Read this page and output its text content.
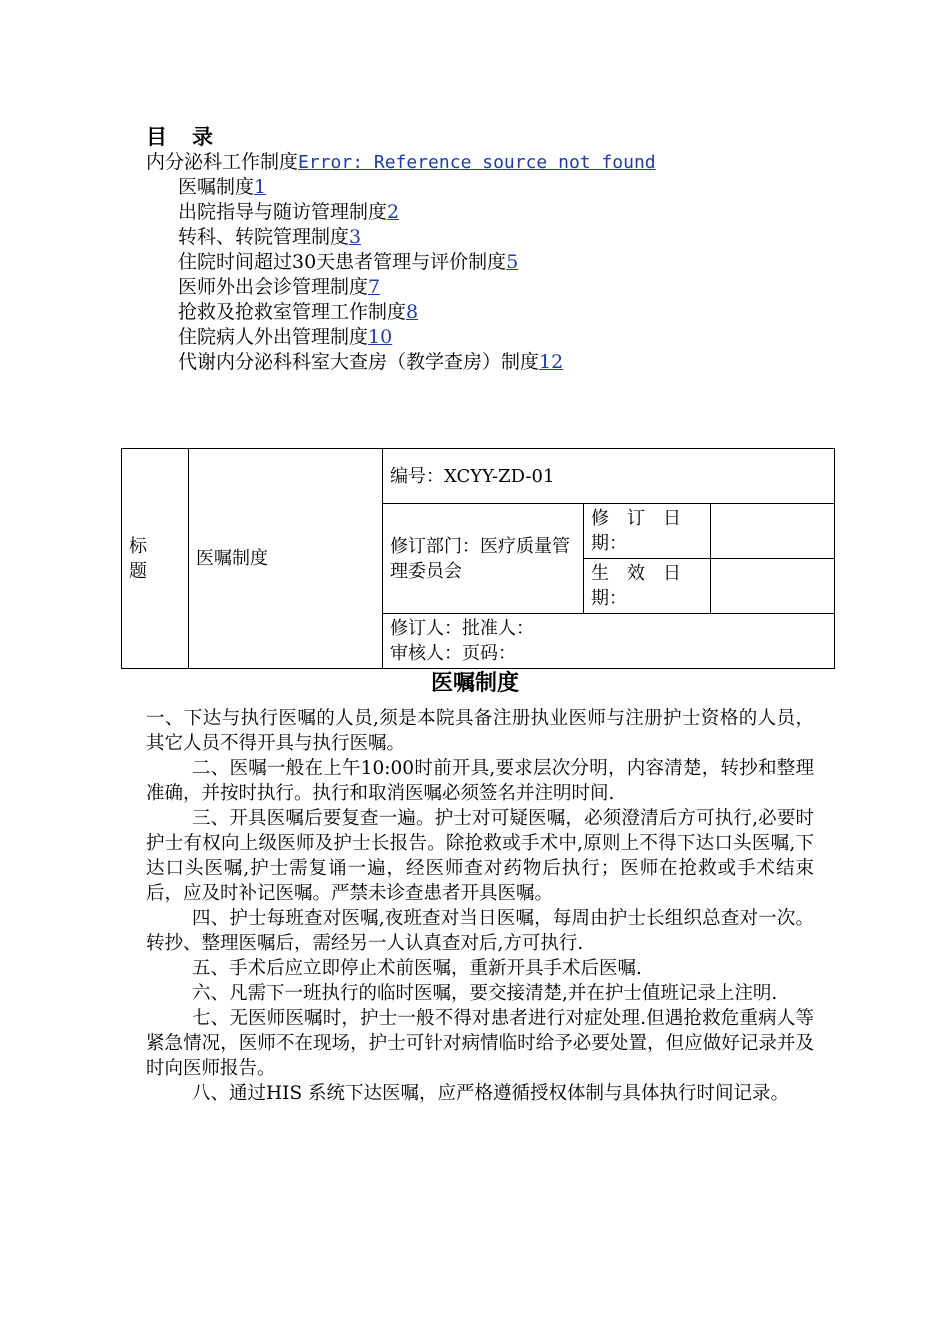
目　录
内分泌科工作制度Error: Reference source not found
医嘱制度1
出院指导与随访管理制度2
转科、转院管理制度3
住院时间超过30天患者管理与评价制度5
医师外出会诊管理制度7
抢救及抢救室管理工作制度8
住院病人外出管理制度10
代谢内分泌科科室大查房（教学查房）制度12
标题	医嘱制度	编号：XCYY-ZD-01		
		修订部门：医疗质量管理委员会	修　订　日期：	
			生　效　日期：	

		修订人：批准人：
审核人：页码：		
医嘱制度

一、下达与执行医嘱的人员,须是本院具备注册执业医师与注册护士资格的人员，其它人员不得开具与执行医嘱。

二、医嘱一般在上午10:00时前开具,要求层次分明，内容清楚，转抄和整理准确，并按时执行。执行和取消医嘱必须签名并注明时间.

三、开具医嘱后要复查一遍。护士对可疑医嘱，必须澄清后方可执行,必要时护士有权向上级医师及护士长报告。除抢救或手术中,原则上不得下达口头医嘱,下达口头医嘱,护士需复诵一遍，经医师查对药物后执行；医师在抢救或手术结束后，应及时补记医嘱。严禁未诊查患者开具医嘱。

四、护士每班查对医嘱,夜班查对当日医嘱，每周由护士长组织总查对一次。转抄、整理医嘱后，需经另一人认真查对后,方可执行.

五、手术后应立即停止术前医嘱，重新开具手术后医嘱.

六、凡需下一班执行的临时医嘱，要交接清楚,并在护士值班记录上注明.

七、无医师医嘱时，护士一般不得对患者进行对症处理.但遇抢救危重病人等紧急情况，医师不在现场，护士可针对病情临时给予必要处置，但应做好记录并及时向医师报告。

八、通过HIS 系统下达医嘱，应严格遵循授权体制与具体执行时间记录。
